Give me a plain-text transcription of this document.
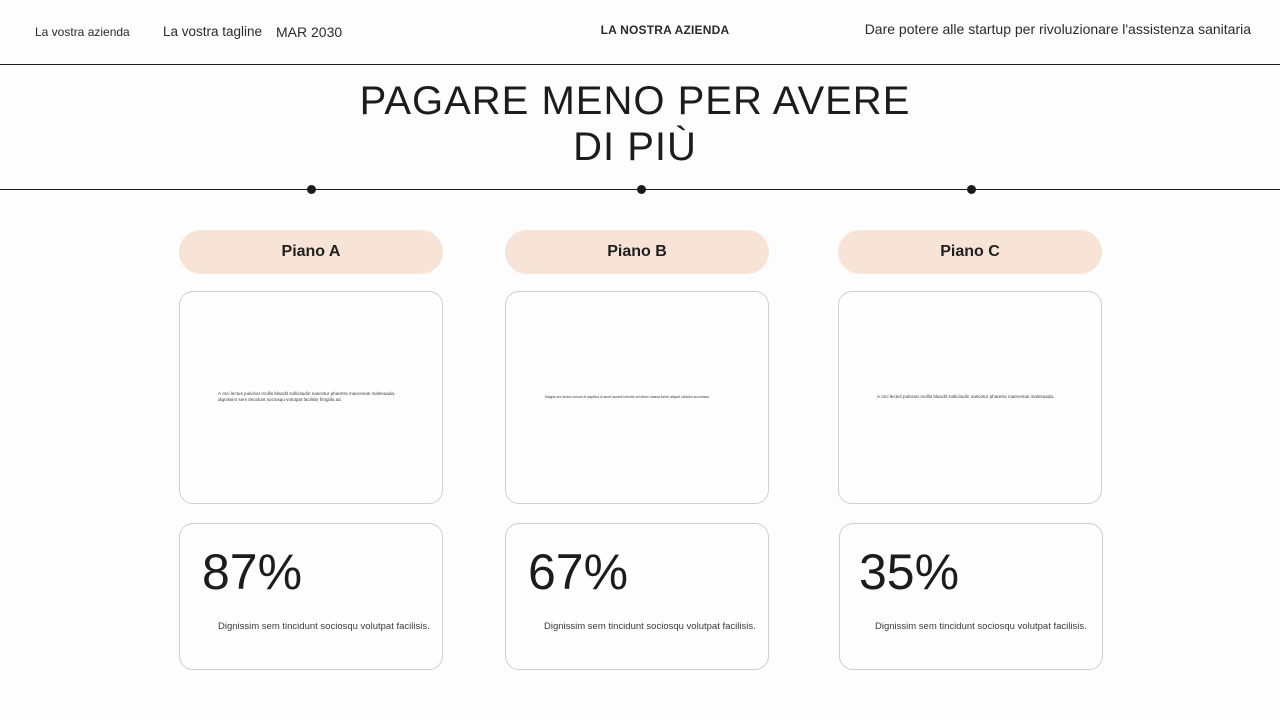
La vostra azienda La vostra tagline MAR 2030	LA NOSTRA AZIENDA	Dare potere alle startup per rivoluzionare l'assistenza sanitaria
PAGARE MENO PER AVERE
DI PIÙ
Piano A
A orci lectus pulvinar mollis blandit sollicitudin nascetur pharetra maecenas malesuada, dignissim sem tincidunt sociosqu volutpat facilisis fringilla ad.
87%
Dignissim sem tincidunt sociosqu volutpat facilisis.
Piano B
Magna orci lectus cursus et dapibus id amet laoreet lobortis vel etiam massa lorem aliquet ultricies accumsan.
67%
Dignissim sem tincidunt sociosqu volutpat facilisis.
Piano C
A orci lectus pulvinar mollis blandit sollicitudin nascetur pharetra maecenas malesuada.
35%
Dignissim sem tincidunt sociosqu volutpat facilisis.
